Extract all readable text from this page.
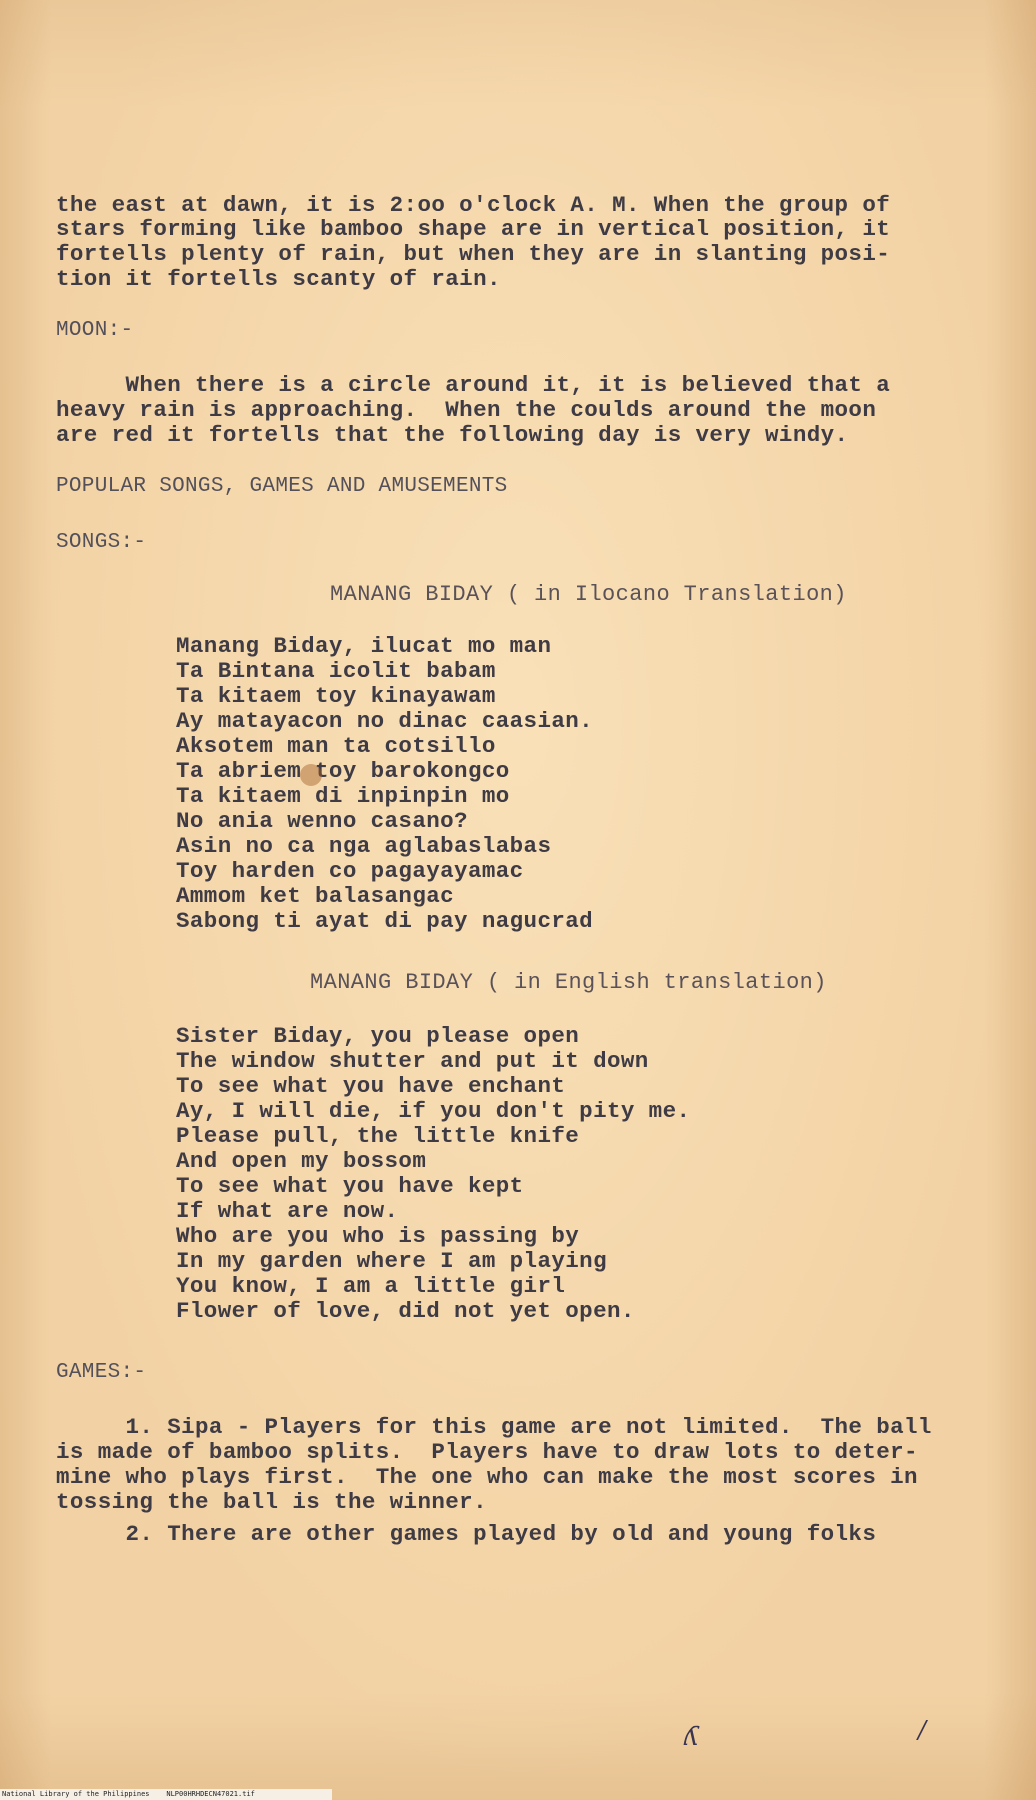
the east at dawn, it is 2:oo o'clock A. M. When the group of
stars forming like bamboo shape are in vertical position, it
fortells plenty of rain, but when they are in slanting posi-
tion it fortells scanty of rain.
MOON:-
When there is a circle around it, it is believed that a
heavy rain is approaching.  When the coulds around the moon
are red it fortells that the following day is very windy.
POPULAR SONGS, GAMES AND AMUSEMENTS
SONGS:-
MANANG BIDAY ( in Ilocano Translation)
Manang Biday, ilucat mo man
Ta Bintana icolit babam
Ta kitaem toy kinayawam
Ay matayacon no dinac caasian.
Aksotem man ta cotsillo
Ta abriem toy barokongco
Ta kitaem di inpinpin mo
No ania wenno casano?
Asin no ca nga aglabaslabas
Toy harden co pagayayamac
Ammom ket balasangac
Sabong ti ayat di pay nagucrad
MANANG BIDAY ( in English translation)
Sister Biday, you please open
The window shutter and put it down
To see what you have enchant
Ay, I will die, if you don't pity me.
Please pull, the little knife
And open my bossom
To see what you have kept
If what are now.
Who are you who is passing by
In my garden where I am playing
You know, I am a little girl
Flower of love, did not yet open.
GAMES:-
1. Sipa - Players for this game are not limited.  The ball
is made of bamboo splits.  Players have to draw lots to deter-
mine who plays first.  The one who can make the most scores in
tossing the ball is the winner.
2. There are other games played by old and young folks
ʎ	/
National Library of the Philippines NLP00HRHDECN47021.tif
